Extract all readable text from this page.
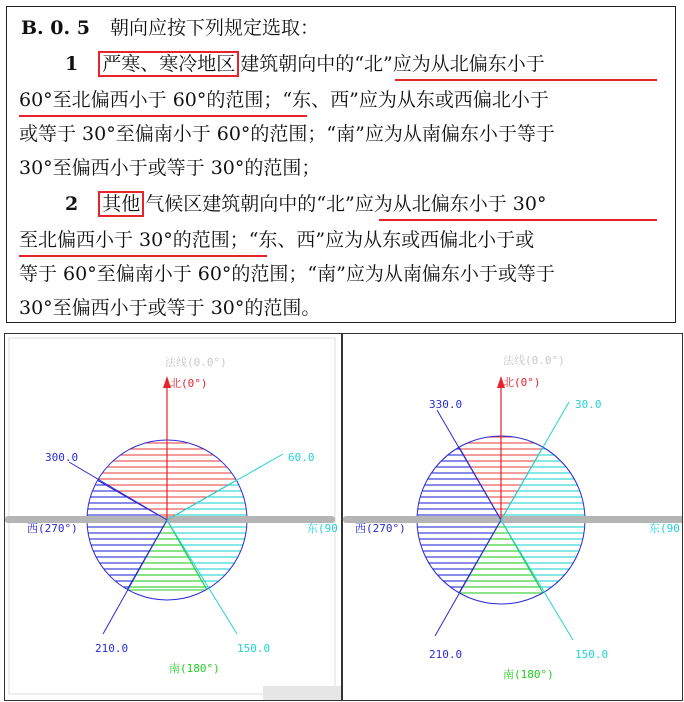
B. 0. 5 朝向应按下列规定选取：
1 严寒、寒冷地区 建筑朝向中的“北”应为从北偏东小于
60°至北偏西小于 60°的范围；“东、西”应为从东或西偏北小于
或等于 30°至偏南小于 60°的范围；“南”应为从南偏东小于等于
30°至偏西小于或等于 30°的范围；
2 其他 气候区建筑朝向中的“北”应为从北偏东小于 30°
至北偏西小于 30°的范围；“东、西”应为从东或西偏北小于或
等于 60°至偏南小于 60°的范围；“南”应为从南偏东小于或等于
30°至偏西小于或等于 30°的范围。
法线(0.0°)
北(0°)
300.0	60.0
西(270°)	东(90
210.0	150.0
南(180°)
法线(0.0°)
北(0°)
330.0	30.0
西(270°)	东(90
210.0	150.0
南(180°)
